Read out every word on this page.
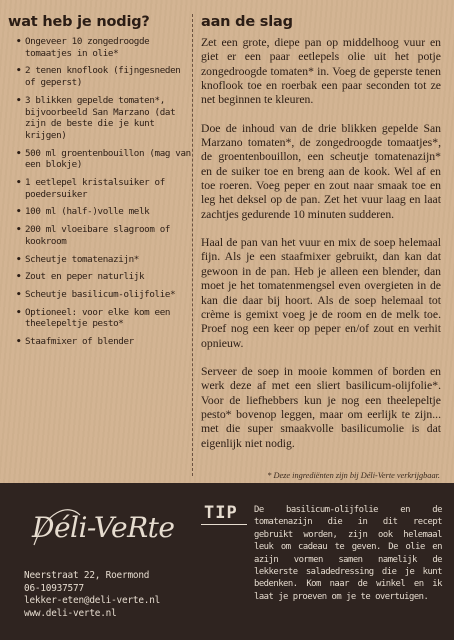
wat heb je nodig?
• Ongeveer 10 zongedroogde tomaatjes in olie*
• 2 tenen knoflook (fijngesneden of geperst)
• 3 blikken gepelde tomaten*, bijvoorbeeld San Marzano (dat zijn de beste die je kunt krijgen)
• 500 ml groentenbouillon (mag van een blokje)
• 1 eetlepel kristalsuiker of poedersuiker
• 100 ml (half-)volle melk
• 200 ml vloeibare slagroom of kookroom
• Scheutje tomatenazijn*
• Zout en peper naturlijk
• Scheutje basilicum-olijfolie*
• Optioneel: voor elke kom een theelepeltje pesto*
• Staafmixer of blender
aan de slag

Zet een grote, diepe pan op middelhoog vuur en giet er een paar eetlepels olie uit het potje zongedroogde tomaten* in. Voeg de geperste tenen knoflook toe en roerbak een paar seconden tot ze net beginnen te kleuren.

Doe de inhoud van de drie blikken gepelde San Marzano tomaten*, de zongedroogde tomaatjes*, de groentenbouillon, een scheutje tomatenazijn* en de suiker toe en breng aan de kook. Wel af en toe roeren. Voeg peper en zout naar smaak toe en leg het deksel op de pan. Zet het vuur laag en laat zachtjes gedurende 10 minuten sudderen.

Haal de pan van het vuur en mix de soep helemaal fijn. Als je een staafmixer gebruikt, dan kan dat gewoon in de pan. Heb je alleen een blender, dan moet je het tomatenmengsel even overgieten in de kan die daar bij hoort. Als de soep helemaal tot crème is gemixt voeg je de room en de melk toe. Proef nog een keer op peper en/of zout en verhit opnieuw.

Serveer de soep in mooie kommen of borden en werk deze af met een sliert basilicum-olijfolie*. Voor de liefhebbers kun je nog een theelepeltje pesto* bovenop leggen, maar om eerlijk te zijn... met die super smaakvolle basilicumolie is dat eigenlijk niet nodig.

* Deze ingrediënten zijn bij Déli-Verte verkrijgbaar.
Déli-VeRte
Neerstraat 22, Roermond
06-10937577
lekker-eten@deli-verte.nl
www.deli-verte.nl
TIP De basilicum-olijfolie en de tomatenazijn die in dit recept gebruikt worden, zijn ook helemaal leuk om cadeau te geven. De olie en azijn vormen samen namelijk de lekkerste saladedressing die je kunt bedenken. Kom naar de winkel en ik laat je proeven om je te overtuigen.
